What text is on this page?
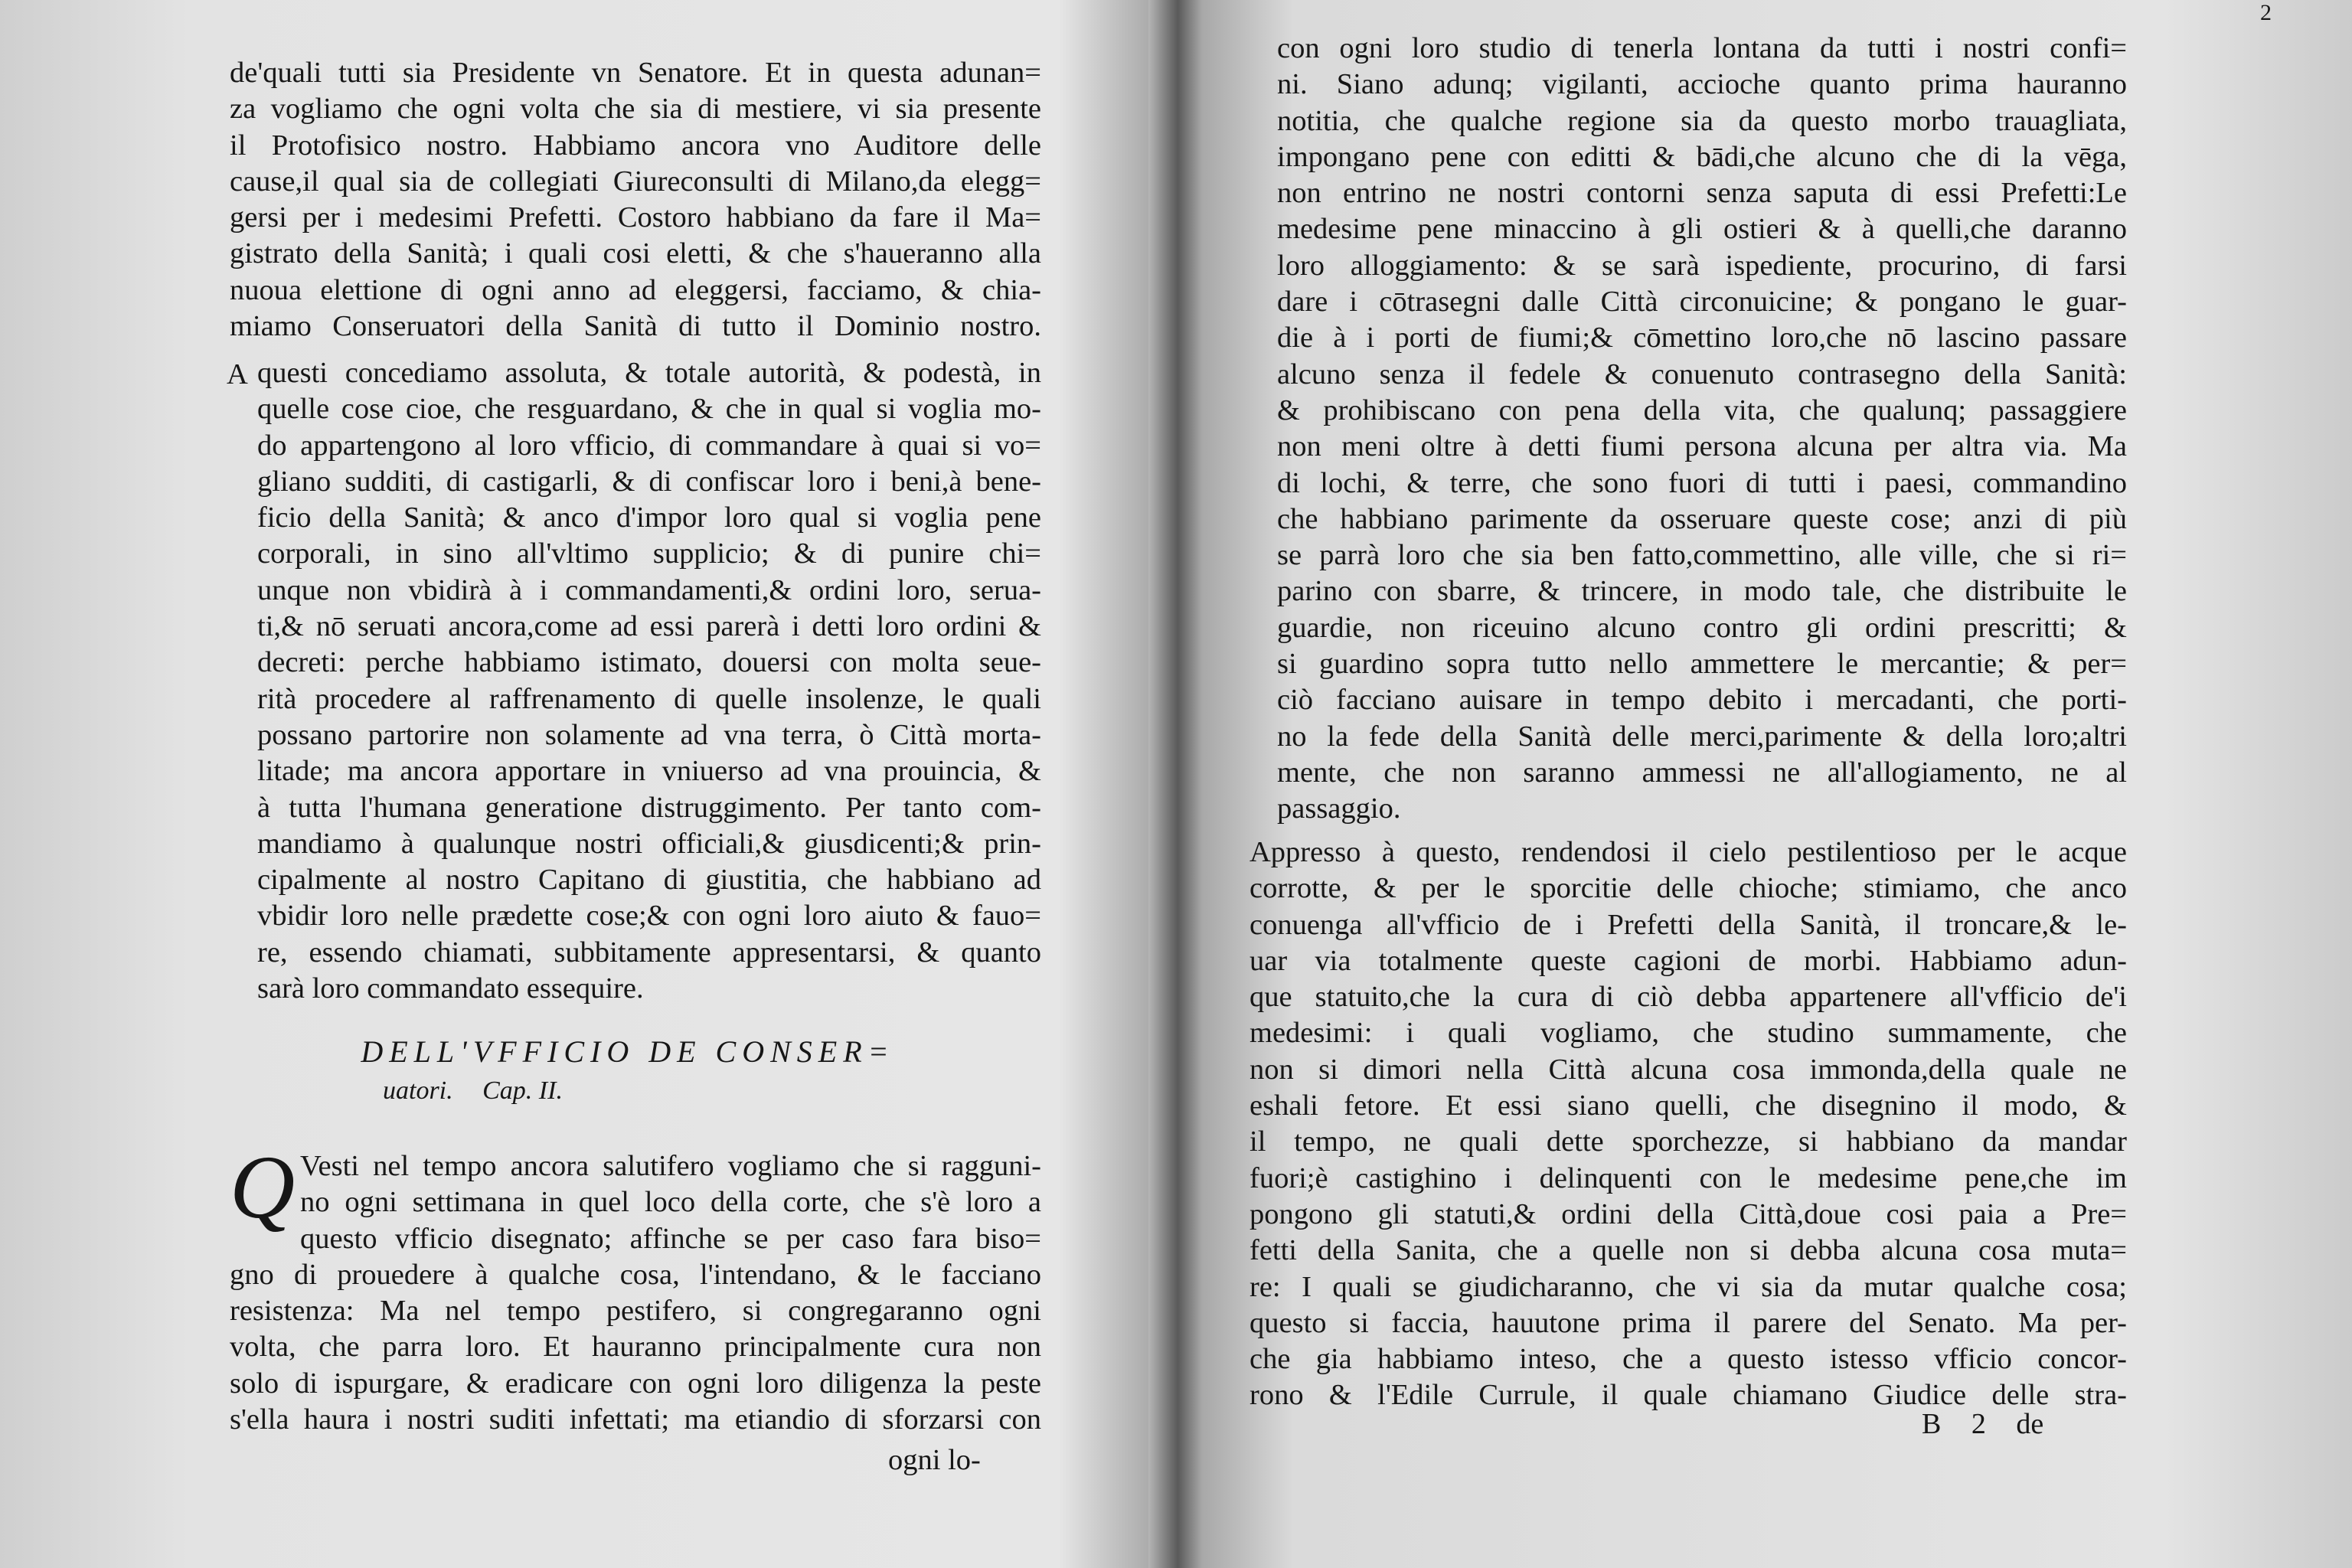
de'quali tutti sia Presidente vn Senatore. Et in questa adunan=

za vogliamo che ogni volta che sia di mestiere, vi sia presente

il Protofisico nostro. Habbiamo ancora vno Auditore delle

cause,il qual sia de collegiati Giureconsulti di Milano,da elegg=

gersi per i medesimi Prefetti. Costoro habbiano da fare il Ma=

gistrato della Sanità; i quali cosi eletti, & che s'haueranno alla

nuoua elettione di ogni anno ad eleggersi, facciamo, & chia-

miamo Conseruatori della Sanità di tutto il Dominio nostro.

A questi concediamo assoluta, & totale autorità, & podestà, in

quelle cose cioe, che resguardano, & che in qual si voglia mo-

do appartengono al loro vfficio, di commandare à quai si vo=

gliano sudditi, di castigarli, & di confiscar loro i beni,à bene-

ficio della Sanità; & anco d'impor loro qual si voglia pene

corporali, in sino all'vltimo supplicio; & di punire chi=

unque non vbidirà à i commandamenti,& ordini loro, serua-

ti,& nō seruati ancora,come ad essi parerà i detti loro ordini &

decreti: perche habbiamo istimato, douersi con molta seue-

rità procedere al raffrenamento di quelle insolenze, le quali

possano partorire non solamente ad vna terra, ò Città morta-

litade; ma ancora apportare in vniuerso ad vna prouincia, &

à tutta l'humana generatione distruggimento. Per tanto com-

mandiamo à qualunque nostri officiali,& giusdicenti;& prin-

cipalmente al nostro Capitano di giustitia, che habbiano ad

vbidir loro nelle prædette cose;& con ogni loro aiuto & fauo=

re, essendo chiamati, subbitamente appresentarsi, & quanto

sarà loro commandato essequire.

DELL'VFFICIO DE CONSER=
uatori. Cap. II.
Q Vesti nel tempo ancora salutifero vogliamo che si ragguni-

no ogni settimana in quel loco della corte, che s'è loro a

questo vfficio disegnato; affinche se per caso fara biso=

gno di prouedere à qualche cosa, l'intendano, & le facciano

resistenza: Ma nel tempo pestifero, si congregaranno ogni

volta, che parra loro. Et hauranno principalmente cura non

solo di ispurgare, & eradicare con ogni loro diligenza la peste

s'ella haura i nostri suditi infettati; ma etiandio di sforzarsi con

ogni lo-
2

con ogni loro studio di tenerla lontana da tutti i nostri confi=

ni. Siano adunq; vigilanti, accioche quanto prima hauranno

notitia, che qualche regione sia da questo morbo trauagliata,

impongano pene con editti & bādi,che alcuno che di la vēga,

non entrino ne nostri contorni senza saputa di essi Prefetti:Le

medesime pene minaccino à gli ostieri & à quelli,che daranno

loro alloggiamento: & se sarà ispediente, procurino, di farsi

dare i cōtrasegni dalle Città circonuicine; & pongano le guar-

die à i porti de fiumi;& cōmettino loro,che nō lascino passare

alcuno senza il fedele & conuenuto contrasegno della Sanità:

& prohibiscano con pena della vita, che qualunq; passaggiere

non meni oltre à detti fiumi persona alcuna per altra via. Ma

di lochi, & terre, che sono fuori di tutti i paesi, commandino

che habbiano parimente da osseruare queste cose; anzi di più

se parrà loro che sia ben fatto,commettino, alle ville, che si ri=

parino con sbarre, & trincere, in modo tale, che distribuite le

guardie, non riceuino alcuno contro gli ordini prescritti; &

si guardino sopra tutto nello ammettere le mercantie; & per=

ciò facciano auisare in tempo debito i mercadanti, che porti-

no la fede della Sanità delle merci,parimente & della loro;altri

mente, che non saranno ammessi ne all'allogiamento, ne al

passaggio.

Appresso à questo, rendendosi il cielo pestilentioso per le acque

corrotte, & per le sporcitie delle chioche; stimiamo, che anco

conuenga all'vfficio de i Prefetti della Sanità, il troncare,& le-

uar via totalmente queste cagioni de morbi. Habbiamo adun-

que statuito,che la cura di ciò debba appartenere all'vfficio de'i

medesimi: i quali vogliamo, che studino summamente, che

non si dimori nella Città alcuna cosa immonda,della quale ne

eshali fetore. Et essi siano quelli, che disegnino il modo, &

il tempo, ne quali dette sporchezze, si habbiano da mandar

fuori;è castighino i delinquenti con le medesime pene,che im

pongono gli statuti,& ordini della Città,doue cosi paia a Pre=

fetti della Sanita, che a quelle non si debba alcuna cosa muta=

re: I quali se giudicharanno, che vi sia da mutar qualche cosa;

questo si faccia, hauutone prima il parere del Senato. Ma per-

che gia habbiamo inteso, che a questo istesso vfficio concor-

rono & l'Edile Currule, il quale chiamano Giudice delle stra-

B 2 de
